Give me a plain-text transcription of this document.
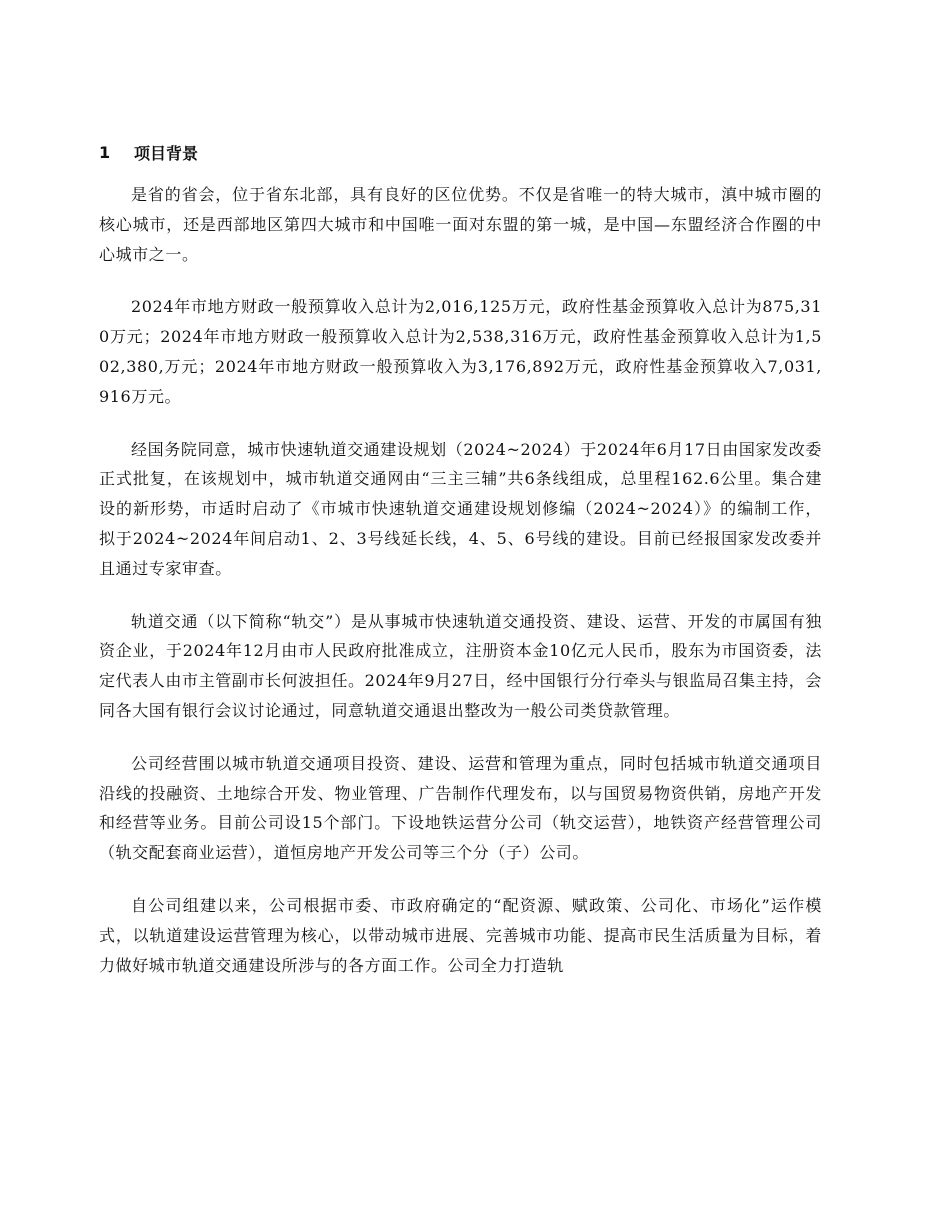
1	项目背景

是省的省会，位于省东北部，具有良好的区位优势。不仅是省唯一的特大城市，滇中城市圈的核心城市，还是西部地区第四大城市和中国唯一面对东盟的第一城，是中国—东盟经济合作圈的中心城市之一。

2024年市地方财政一般预算收入总计为2,016,125万元，政府性基金预算收入总计为875,310万元；2024年市地方财政一般预算收入总计为2,538,316万元，政府性基金预算收入总计为1,502,380,万元；2024年市地方财政一般预算收入为3,176,892万元，政府性基金预算收入7,031,916万元。

经国务院同意，城市快速轨道交通建设规划（2024~2024）于2024年6月17日由国家发改委正式批复，在该规划中，城市轨道交通网由“三主三辅”共6条线组成，总里程162.6公里。集合建设的新形势，市适时启动了《市城市快速轨道交通建设规划修编（2024~2024）》的编制工作，拟于2024~2024年间启动1、2、3号线延长线，4、5、6号线的建设。目前已经报国家发改委并且通过专家审查。

轨道交通（以下简称“轨交”）是从事城市快速轨道交通投资、建设、运营、开发的市属国有独资企业，于2024年12月由市人民政府批准成立，注册资本金10亿元人民币，股东为市国资委，法定代表人由市主管副市长何波担任。2024年9月27日，经中国银行分行牵头与银监局召集主持，会同各大国有银行会议讨论通过，同意轨道交通退出整改为一般公司类贷款管理。

公司经营围以城市轨道交通项目投资、建设、运营和管理为重点，同时包括城市轨道交通项目沿线的投融资、土地综合开发、物业管理、广告制作代理发布，以与国贸易物资供销，房地产开发和经营等业务。目前公司设15个部门。下设地铁运营分公司（轨交运营），地铁资产经营管理公司（轨交配套商业运营），道恒房地产开发公司等三个分（子）公司。

自公司组建以来，公司根据市委、市政府确定的“配资源、赋政策、公司化、市场化”运作模式，以轨道建设运营管理为核心，以带动城市进展、完善城市功能、提高市民生活质量为目标，着力做好城市轨道交通建设所涉与的各方面工作。公司全力打造轨
